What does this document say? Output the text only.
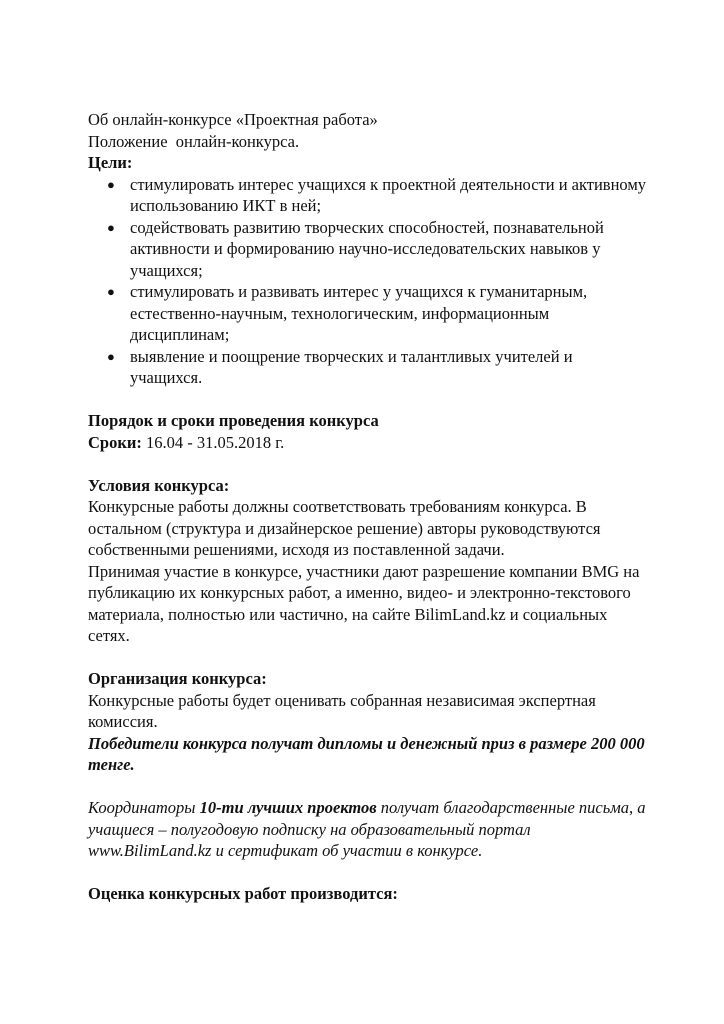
Об онлайн-конкурсе «Проектная работа»

Положение  онлайн-конкурса.

Цели:

● стимулировать интерес учащихся к проектной деятельности и активному использованию ИКТ в ней;
● содействовать развитию творческих способностей, познавательной активности и формированию научно-исследовательских навыков у учащихся;
● стимулировать и развивать интерес у учащихся к гуманитарным, естественно-научным, технологическим, информационным дисциплинам;
● выявление и поощрение творческих и талантливых учителей и учащихся.

Порядок и сроки проведения конкурса

Сроки: 16.04 - 31.05.2018 г.

Условия конкурса:

Конкурсные работы должны соответствовать требованиям конкурса. В остальном (структура и дизайнерское решение) авторы руководствуются собственными решениями, исходя из поставленной задачи.

Принимая участие в конкурсе, участники дают разрешение компании BMG на публикацию их конкурсных работ, а именно, видео- и электронно-текстового материала, полностью или частично, на сайте BilimLand.kz и социальных сетях.

Организация конкурса:

Конкурсные работы будет оценивать собранная независимая экспертная комиссия.

Победители конкурса получат дипломы и денежный приз в размере 200 000 тенге.

Координаторы 10-ти лучших проектов получат благодарственные письма, а учащиеся – полугодовую подписку на образовательный портал www.BilimLand.kz и сертификат об участии в конкурсе.

Оценка конкурсных работ производится:
